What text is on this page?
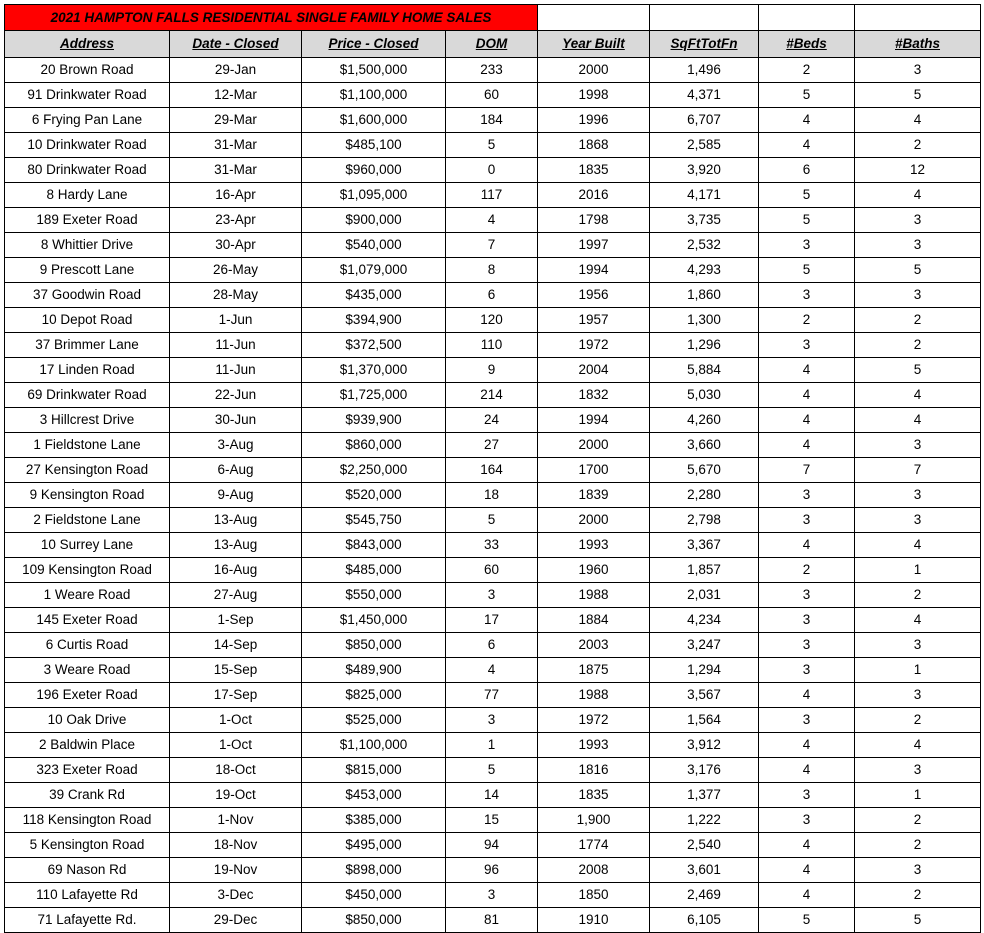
2021 HAMPTON FALLS RESIDENTIAL SINGLE FAMILY HOME SALES							
Address	Date - Closed	Price - Closed	DOM	Year Built	SqFtTotFn	#Beds	#Baths
20 Brown Road	29-Jan	$1,500,000	233	2000	1,496	2	3
91 Drinkwater Road	12-Mar	$1,100,000	60	1998	4,371	5	5
6 Frying Pan Lane	29-Mar	$1,600,000	184	1996	6,707	4	4
10 Drinkwater Road	31-Mar	$485,100	5	1868	2,585	4	2
80 Drinkwater Road	31-Mar	$960,000	0	1835	3,920	6	12
8 Hardy Lane	16-Apr	$1,095,000	117	2016	4,171	5	4
189 Exeter Road	23-Apr	$900,000	4	1798	3,735	5	3
8 Whittier Drive	30-Apr	$540,000	7	1997	2,532	3	3
9 Prescott Lane	26-May	$1,079,000	8	1994	4,293	5	5
37 Goodwin Road	28-May	$435,000	6	1956	1,860	3	3
10 Depot Road	1-Jun	$394,900	120	1957	1,300	2	2
37 Brimmer Lane	11-Jun	$372,500	110	1972	1,296	3	2
17 Linden Road	11-Jun	$1,370,000	9	2004	5,884	4	5
69 Drinkwater Road	22-Jun	$1,725,000	214	1832	5,030	4	4
3 Hillcrest Drive	30-Jun	$939,900	24	1994	4,260	4	4
1 Fieldstone Lane	3-Aug	$860,000	27	2000	3,660	4	3
27 Kensington Road	6-Aug	$2,250,000	164	1700	5,670	7	7
9 Kensington Road	9-Aug	$520,000	18	1839	2,280	3	3
2 Fieldstone Lane	13-Aug	$545,750	5	2000	2,798	3	3
10 Surrey Lane	13-Aug	$843,000	33	1993	3,367	4	4
109 Kensington Road	16-Aug	$485,000	60	1960	1,857	2	1
1 Weare Road	27-Aug	$550,000	3	1988	2,031	3	2
145 Exeter Road	1-Sep	$1,450,000	17	1884	4,234	3	4
6 Curtis Road	14-Sep	$850,000	6	2003	3,247	3	3
3 Weare Road	15-Sep	$489,900	4	1875	1,294	3	1
196 Exeter Road	17-Sep	$825,000	77	1988	3,567	4	3
10 Oak Drive	1-Oct	$525,000	3	1972	1,564	3	2
2 Baldwin Place	1-Oct	$1,100,000	1	1993	3,912	4	4
323 Exeter Road	18-Oct	$815,000	5	1816	3,176	4	3
39 Crank Rd	19-Oct	$453,000	14	1835	1,377	3	1
118 Kensington Road	1-Nov	$385,000	15	1,900	1,222	3	2
5 Kensington Road	18-Nov	$495,000	94	1774	2,540	4	2
69 Nason Rd	19-Nov	$898,000	96	2008	3,601	4	3
110 Lafayette Rd	3-Dec	$450,000	3	1850	2,469	4	2
71 Lafayette Rd.	29-Dec	$850,000	81	1910	6,105	5	5
